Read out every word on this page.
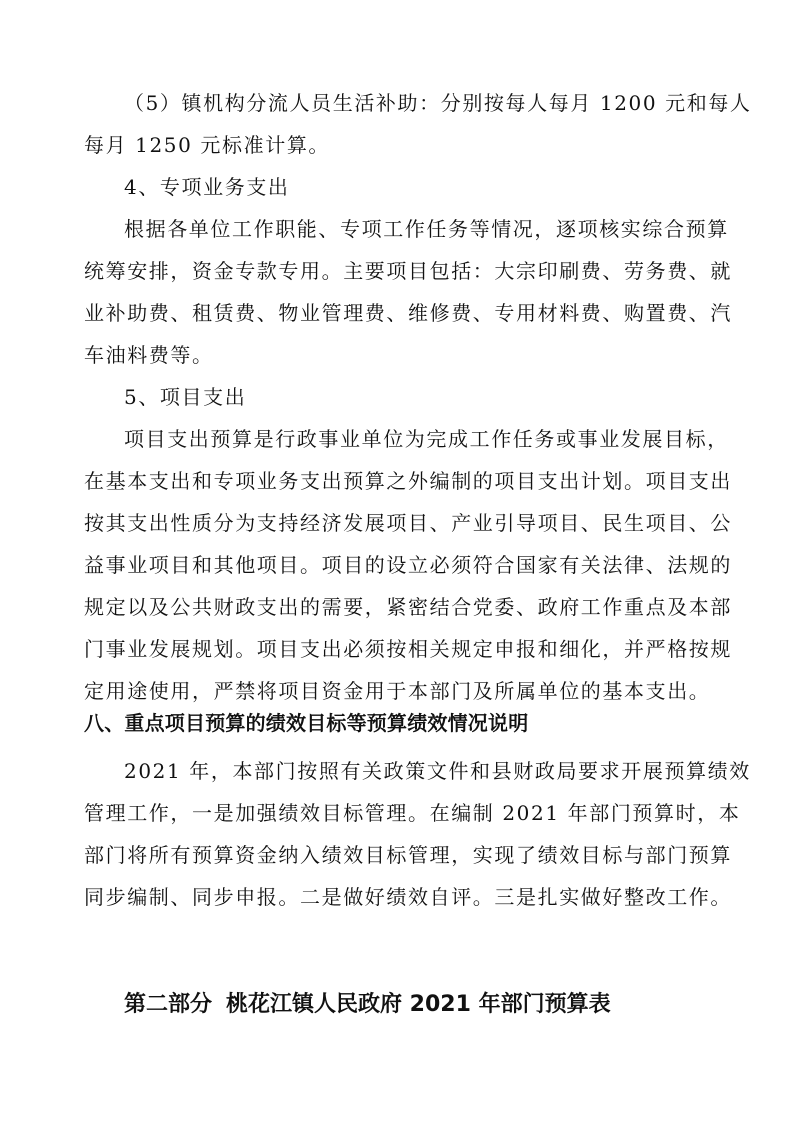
（5）镇机构分流人员生活补助：分别按每人每月 1200 元和每人
每月 1250 元标准计算。
4、专项业务支出
根据各单位工作职能、专项工作任务等情况，逐项核实综合预算
统筹安排，资金专款专用。主要项目包括：大宗印刷费、劳务费、就
业补助费、租赁费、物业管理费、维修费、专用材料费、购置费、汽
车油料费等。
5、项目支出
项目支出预算是行政事业单位为完成工作任务或事业发展目标，
在基本支出和专项业务支出预算之外编制的项目支出计划。项目支出
按其支出性质分为支持经济发展项目、产业引导项目、民生项目、公
益事业项目和其他项目。项目的设立必须符合国家有关法律、法规的
规定以及公共财政支出的需要，紧密结合党委、政府工作重点及本部
门事业发展规划。项目支出必须按相关规定申报和细化，并严格按规
定用途使用，严禁将项目资金用于本部门及所属单位的基本支出。
八、重点项目预算的绩效目标等预算绩效情况说明
2021 年，本部门按照有关政策文件和县财政局要求开展预算绩效
管理工作，一是加强绩效目标管理。在编制 2021 年部门预算时，本
部门将所有预算资金纳入绩效目标管理，实现了绩效目标与部门预算
同步编制、同步申报。二是做好绩效自评。三是扎实做好整改工作。
第二部分 桃花江镇人民政府 2021 年部门预算表
